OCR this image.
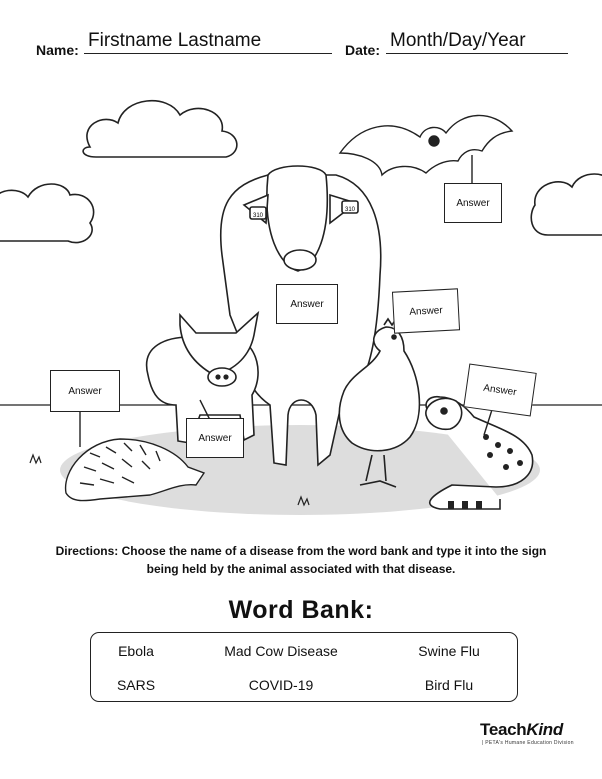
Name: Firstname Lastname	Date: Month/Day/Year
310
310
Answer
Answer
Answer
Answer
Answer
Answer
Directions: Choose the name of a disease from the word bank and type it into the sign being held by the animal associated with that disease.
Word Bank:
Ebola	Mad Cow Disease	Swine Flu
SARS	COVID-19	Bird Flu
TeachKind
| PETA's Humane Education Division
